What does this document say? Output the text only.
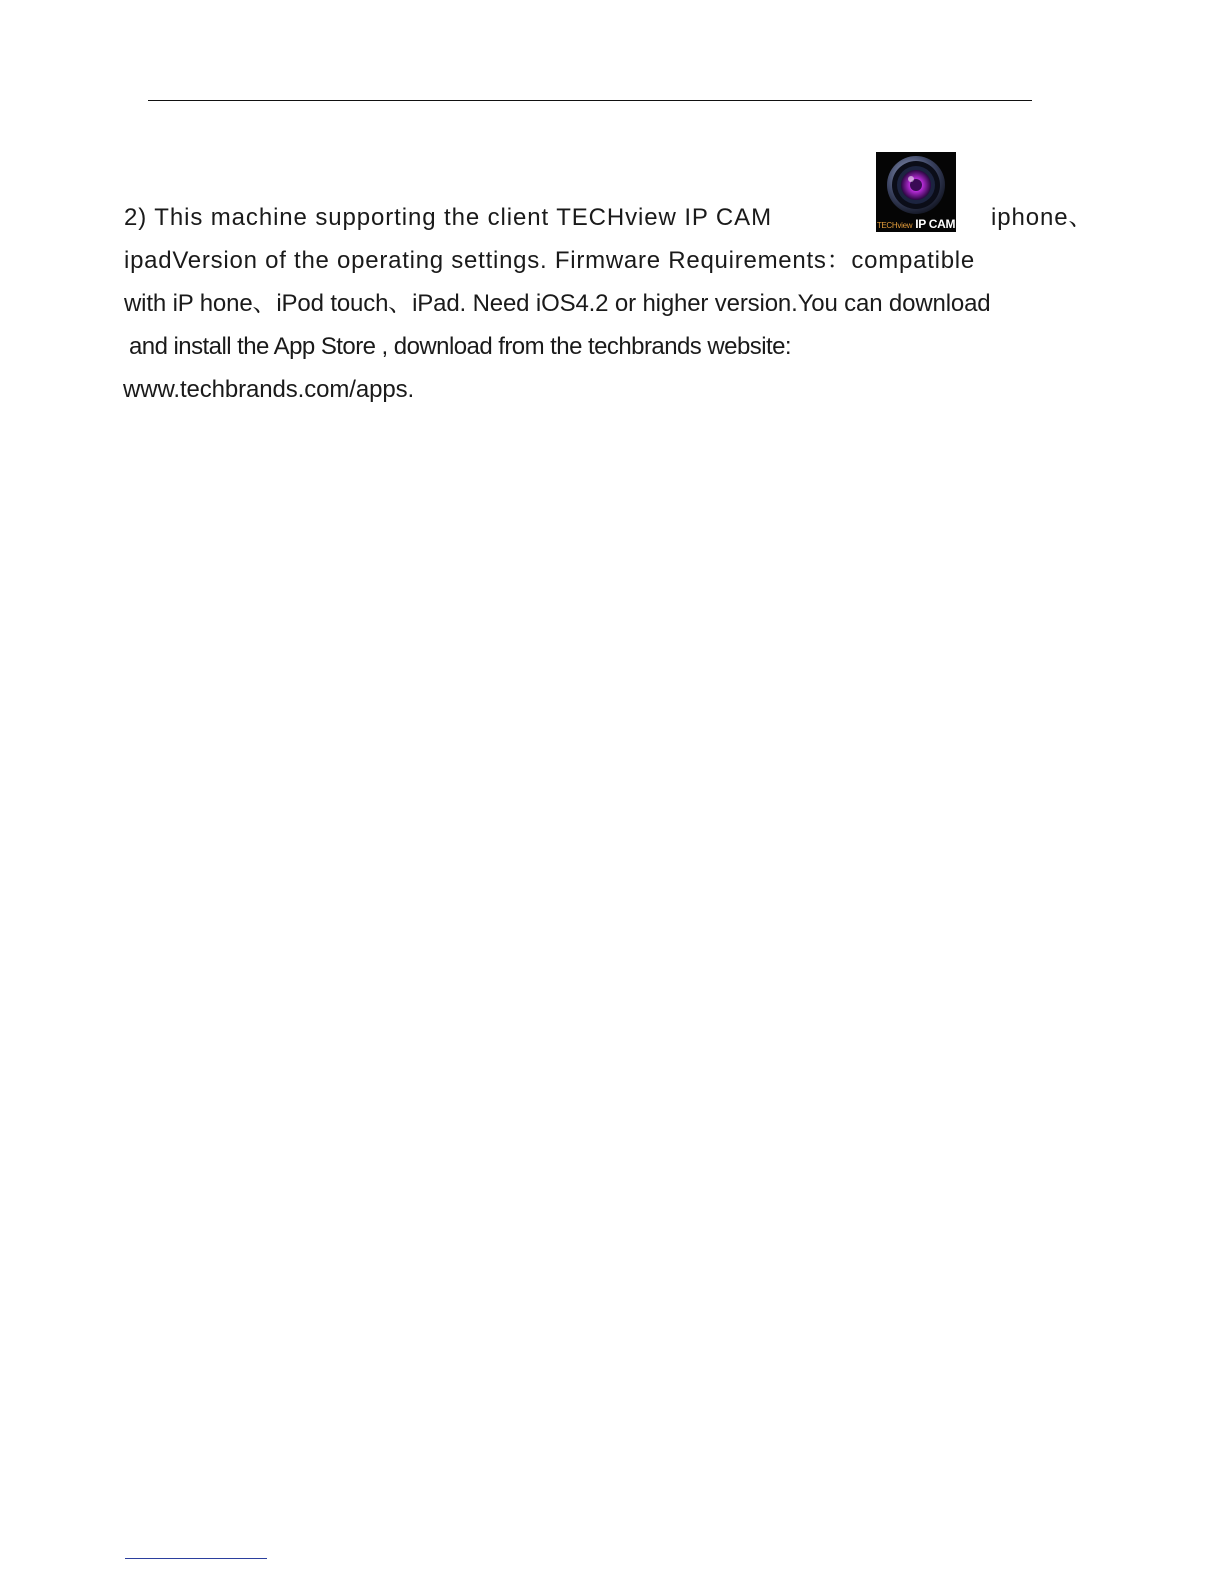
2) This machine supporting the client TECHview IP CAM	TECHview IP CAM iphone、
ipadVersion of the operating settings. Firmware Requirements：compatible
with iP hone、iPod touch、iPad. Need iOS4.2 or higher version.You can download
and install the App Store , download from the techbrands website:
www.techbrands.com/apps.
